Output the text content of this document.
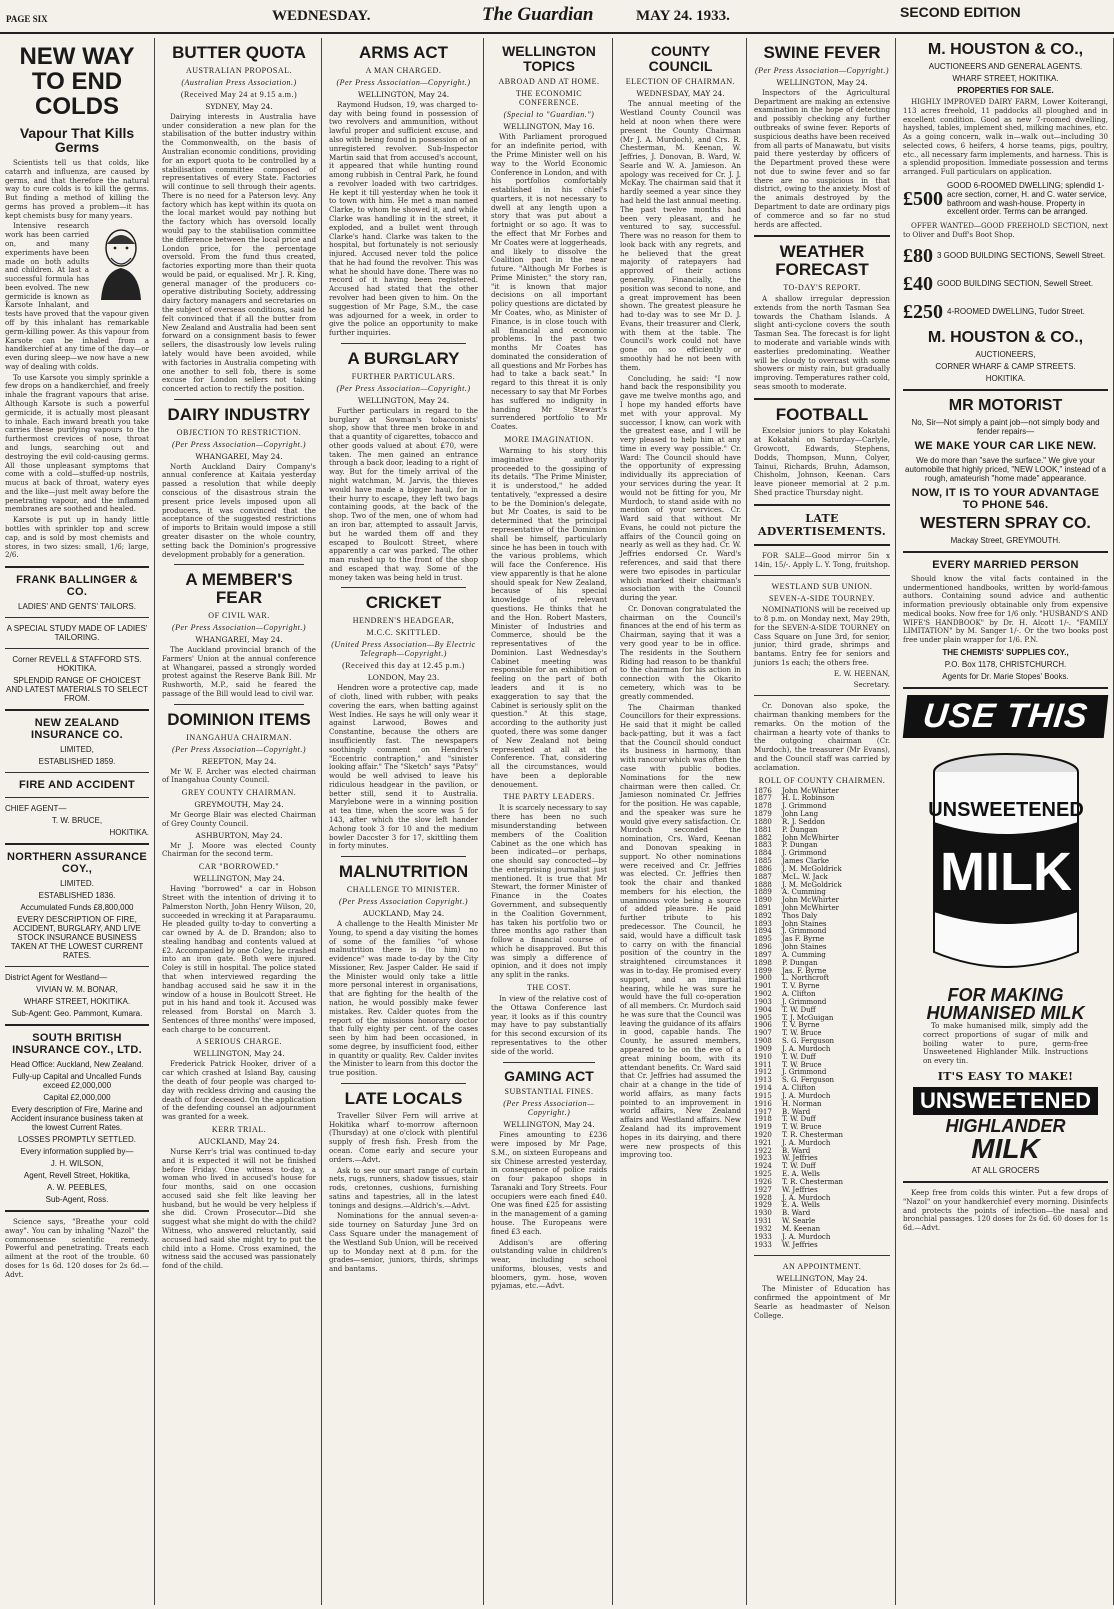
PAGE SIX	WEDNESDAY.	The Guardian	MAY 24. 1933.	SECOND EDITION
NEW WAY TO END COLDS
Vapour That Kills Germs

Scientists tell us that colds, like catarrh and influenza, are caused by germs, and that therefore the natural way to cure colds is to kill the germs. But finding a method of killing the germs has proved a problem—it has kept chemists busy for many years.

Intensive research work has been carried on, and many experiments have been made on both adults and children. At last a successful formula has been evolved. The new germicide is known as Karsote Inhalant, and tests have proved that the vapour given off by this inhalant has remarkable germ-killing power. As this vapour from Karsote can be inhaled from a handkerchief at any time of the day—or even during sleep—we now have a new way of dealing with colds.

To use Karsote you simply sprinkle a few drops on a handkerchief, and freely inhale the fragrant vapours that arise. Although Karsote is such a powerful germicide, it is actually most pleasant to inhale. Each inward breath you take carries these purifying vapours to the furthermost crevices of nose, throat and lungs, searching out and destroying the evil cold-causing germs. All those unpleasant symptoms that come with a cold—stuffed-up nostrils, mucus at back of throat, watery eyes and the like—just melt away before the penetrating vapour, and the inflamed membranes are soothed and healed.

Karsote is put up in handy little bottles with sprinkler top and screw cap, and is sold by most chemists and stores, in two sizes: small, 1/6; large, 2/6.

FRANK BALLINGER & CO.
LADIES' AND GENTS' TAILORS.
A SPECIAL STUDY MADE OF LADIES' TAILORING.
Corner REVELL & STAFFORD STS. HOKITIKA.
SPLENDID RANGE OF CHOICEST AND LATEST MATERIALS TO SELECT FROM.
NEW ZEALAND INSURANCE CO.
LIMITED,
ESTABLISHED 1859.
FIRE AND ACCIDENT
CHIEF AGENT—
T. W. BRUCE,
HOKITIKA.
NORTHERN ASSURANCE COY.,
LIMITED.
ESTABLISHED 1836.
Accumulated Funds £8,800,000
EVERY DESCRIPTION OF FIRE, ACCIDENT, BURGLARY, AND LIVE STOCK INSURANCE BUSINESS TAKEN AT THE LOWEST CURRENT RATES.
District Agent for Westland—
VIVIAN W. M. BONAR,
WHARF STREET, HOKITIKA.
Sub-Agent: Geo. Pammont, Kumara.
SOUTH BRITISH INSURANCE COY., LTD.
Head Office: Auckland, New Zealand.
Fully-up Capital and Uncalled Funds exceed £2,000,000
Capital £2,000,000
Every description of Fire, Marine and Accident insurance business taken at the lowest Current Rates.
LOSSES PROMPTLY SETTLED.
Every information supplied by—
J. H. WILSON,
Agent, Revell Street, Hokitika,
A. W. PEEBLES,
Sub-Agent, Ross.

Science says, "Breathe your cold away". You can by inhaling "Nazol" the commonsense scientific remedy. Powerful and penetrating. Treats each ailment at the root of the trouble. 60 doses for 1s 6d. 120 doses for 2s 6d.—Advt.

BUTTER QUOTA
AUSTRALIAN PROPOSAL.
(Australian Press Association.)
(Received May 24 at 9.15 a.m.)
SYDNEY, May 24.

Dairying interests in Australia have under consideration a new plan for the stabilisation of the butter industry within the Commonwealth, on the basis of Australian economic conditions, providing for an export quota to be controlled by a stabilisation committee composed of representatives of every State. Factories will continue to sell through their agents. There is no need for a Paterson levy. Any factory which has kept within its quota on the local market would pay nothing but the factory which has oversold locally would pay to the stabilisation committee the difference between the local price and London price, for the percentage oversold. From the fund thus created, factories exporting more than their quota would be paid, or equalised. Mr J. R. King, general manager of the producers co-operative distributing Society, addressing dairy factory managers and secretaries on the subject of overseas conditions, said he felt convinced that if all the butter from New Zealand and Australia had been sent forward on a consignment basis to fewer sellers, the disastrously low levels ruling lately would have been avoided, while with factories in Australia competing with one another to sell fob, there is some excuse for London sellers not taking concerted action to rectify the position.

DAIRY INDUSTRY
OBJECTION TO RESTRICTION.
(Per Press Association—Copyright.)
WHANGAREI, May 24.

North Auckland Dairy Company's annual conference at Kaitaia yesterday passed a resolution that while deeply conscious of the disastrous strain the present price levels imposed upon all producers, it was convinced that the acceptance of the suggested restrictions of imports to Britain would impose a still greater disaster on the whole country, setting back the Dominion's progressive development probably for a generation.

A MEMBER'S FEAR
OF CIVIL WAR.
(Per Press Association—Copyright.)
WHANGAREI, May 24.

The Auckland provincial branch of the Farmers' Union at the annual conference at Whangarei, passed a strongly worded protest against the Reserve Bank Bill. Mr Rushworth, M.P., said he feared the passage of the Bill would lead to civil war.

DOMINION ITEMS
INANGAHUA CHAIRMAN.
(Per Press Association—Copyright.)
REEFTON, May 24.

Mr W. F. Archer was elected chairman of Inangahua County Council.

GREY COUNTY CHAIRMAN.
GREYMOUTH, May 24.

Mr George Blair was elected Chairman of Grey County Council.

ASHBURTON, May 24.

Mr J. Moore was elected County Chairman for the second term.

CAR "BORROWED."
WELLINGTON, May 24.

Having "borrowed" a car in Hobson Street with the intention of driving it to Palmerston North, John Henry Wilson, 20, succeeded in wrecking it at Paraparaumu. He pleaded guilty to-day to converting a car owned by A. de D. Brandon; also to stealing handbag and contents valued at £2. Accompanied by one Coley, he crashed into an iron gate. Both were injured. Coley is still in hospital. The police stated that when interviewed regarding the handbag accused said he saw it in the window of a house in Boulcott Street. He put in his hand and took it. Accused was released from Borstal on March 3. Sentences of three months' were imposed, each charge to be concurrent.

A SERIOUS CHARGE.
WELLINGTON, May 24.

Frederick Patrick Hooker, driver of a car which crashed at Island Bay, causing the death of four people was charged to-day with reckless driving and causing the death of four deceased. On the application of the defending counsel an adjournment was granted for a week.

KERR TRIAL.
AUCKLAND, May 24.

Nurse Kerr's trial was continued to-day and it is expected it will not be finished before Friday. One witness to-day, a woman who lived in accused's house for four months, said on one occasion accused said she felt like leaving her husband, but he would be very helpless if she did. Crown Prosecutor—Did she suggest what she might do with the child? Witness, who answered reluctantly, said accused had said she might try to put the child into a Home. Cross examined, the witness said the accused was passionately fond of the child.

ARMS ACT
A MAN CHARGED.
(Per Press Association—Copyright.)
WELLINGTON, May 24.

Raymond Hudson, 19, was charged to-day with being found in possession of two revolvers and ammunition, without lawful proper and sufficient excuse, and also with being found in possession of an unregistered revolver. Sub-Inspector Martin said that from accused's account, it appeared that while hunting round among rubbish in Central Park, he found a revolver loaded with two cartridges. He kept it till yesterday when he took it to town with him. He met a man named Clarke, to whom he showed it, and while Clarke was handling it in the street, it exploded, and a bullet went through Clarke's hand. Clarke was taken to the hospital, but fortunately is not seriously injured. Accused never told the police that he had found the revolver. This was what he should have done. There was no record of it having been registered. Accused had stated that the other revolver had been given to him. On the suggestion of Mr Page, S.M., the case was adjourned for a week, in order to give the police an opportunity to make further inquiries.

A BURGLARY
FURTHER PARTICULARS.
(Per Press Association—Copyright.)
WELLINGTON, May 24.

Further particulars in regard to the burglary at Sowman's tobacconists' shop, show that three men broke in and that a quantity of cigarettes, tobacco and other goods valued at about £70, were taken. The men gained an entrance through a back door, leading to a right of way. But for the timely arrival of the night watchman, M. Jarvis, the thieves would have made a bigger haul, for in their hurry to escape, they left two bags containing goods, at the back of the shop. Two of the men, one of whom had an iron bar, attempted to assault Jarvis, but he warded them off and they escaped to Boulcott Street, where apparently a car was parked. The other man rushed up to the front of the shop and escaped that way. Some of the money taken was being held in trust.

CRICKET
HENDREN'S HEADGEAR,
M.C.C. SKITTLED.
(United Press Association—By Electric Telegraph—Copyright.)
(Received this day at 12.45 p.m.)
LONDON, May 23.

Hendren wore a protective cap, made of cloth, lined with rubber, with peaks covering the ears, when batting against West Indies. He says he will only wear it against Larwood, Bowes and Constantine, because the others are insufficiently fast. The newspapers soothingly comment on Hendren's "Eccentric contraption," and "sinister looking affair." The "Sketch" says "Patsy" would be well advised to leave his ridiculous headgear in the pavilion, or better still, send it to Australia. Marylebone were in a winning position at tea time, when the score was 5 for 143, after which the slow left hander Achong took 3 for 10 and the medium bowler Daccster 3 for 17, skittling them in forty minutes.

MALNUTRITION
CHALLENGE TO MINISTER.
(Per Press Association Copyright.)
AUCKLAND, May 24.

A challenge to the Health Minister Mr Young, to spend a day visiting the homes of some of the families "of whose malnutrition there is (to him) no evidence" was made to-day by the City Missioner, Rev. Jasper Calder. He said if the Minister would only take a little more personal interest in organisations, that are fighting for the health of the nation, he would possibly make fewer mistakes. Rev. Calder quotes from the report of the missions honorary doctor that fully eighty per cent. of the cases seen by him had been occasioned, in some degree, by insufficient food, either in quantity or quality. Rev. Calder invites the Minister to learn from this doctor the true position.

LATE LOCALS

Traveller Silver Fern will arrive at Hokitika wharf to-morrow afternoon (Thursday) at one o'clock with plentiful supply of fresh fish. Fresh from the ocean. Come early and secure your orders.—Advt.

Ask to see our smart range of curtain nets, rugs, runners, shadow tissues, stair rods, cretonnes, cushions, furnishing satins and tapestries, all in the latest tonings and designs.—Aldrich's.—Advt.

Nominations for the annual seven-a-side tourney on Saturday June 3rd on Cass Square under the management of the Westland Sub Union, will be received up to Monday next at 8 p.m. for the grades—senior, juniors, thirds, shrimps and bantams.

WELLINGTON TOPICS
ABROAD AND AT HOME.
THE ECONOMIC CONFERENCE.
(Special to "Guardian.")
WELLINGTON, May 16.

With Parliament prorogued for an indefinite period, with the Prime Minister well on his way to the World Economic Conference in London, and with his portfolios comfortably established in his chief's quarters, it is not necessary to dwell at any length upon a story that was put about a fortnight or so ago. It was to the effect that Mr Forbes and Mr Coates were at loggerheads, and likely to dissolve the Coalition pact in the near future. "Although Mr Forbes is Prime Minister," the story ran, "it is known that major decisions on all important policy questions are dictated by Mr Coates, who, as Minister of Finance, is in close touch with all financial and economic problems. In the past two months Mr Coates has dominated the consideration of all questions and Mr Forbes has had to take a back seat." In regard to this threat it is only necessary to say that Mr Forbes has suffered no indignity in handing Mr Stewart's surrendered portfolio to Mr Coates.

MORE IMAGINATION.

Warming to his story this imaginative authority proceeded to the gossiping of its details. "The Prime Minister, it is understood," he added tentatively, "expressed a desire to be the Dominion's delegate, but Mr Coates, is said to be determined that the principal representative of the Dominion shall be himself, particularly since he has been in touch with the various problems, which will face the Conference. His view apparently is that he alone should speak for New Zealand, because of his special knowledge of relevant questions. He thinks that he and the Hon. Robert Masters, Minister of Industries and Commerce, should be the representatives of the Dominion. Last Wednesday's Cabinet meeting was responsible for an exhibition of feeling on the part of both leaders and it is no exaggeration to say that the Cabinet is seriously split on the question." At this stage, according to the authority just quoted, there was some danger of New Zealand not being represented at all at the Conference. That, considering all the circumstances, would have been a deplorable denouement.

THE PARTY LEADERS.

It is scarcely necessary to say there has been no such misunderstanding between members of the Coalition Cabinet as the one which has been indicated—or perhaps, one should say concocted—by the enterprising journalist just mentioned. It is true that Mr Stewart, the former Minister of Finance in the Coates Government, and subsequently in the Coalition Government, has taken his portfolio two or three months ago rather than follow a financial course of which he disapproved. But this was simply a difference of opinion, and it does not imply any split in the ranks.

THE COST.

In view of the relative cost of the Ottawa Conference last year, it looks as if this country may have to pay substantially for this second excursion of its representatives to the other side of the world.

GAMING ACT
SUBSTANTIAL FINES.
(Per Press Association—Copyright.)
WELLINGTON, May 24.

Fines amounting to £236 were imposed by Mr Page, S.M., on sixteen Europeans and six Chinese arrested yesterday, in consequence of police raids on four pakapoo shops in Taranaki and Tory Streets. Four occupiers were each fined £40. One was fined £25 for assisting in the management of a gaming house. The Europeans were fined £3 each.

Addison's are offering outstanding value in children's wear, including school uniforms, blouses, vests and bloomers, gym. hose, woven pyjamas, etc.—Advt.

COUNTY COUNCIL
ELECTION OF CHAIRMAN.
WEDNESDAY, MAY 24.

The annual meeting of the Westland County Council was held at noon when there were present the County Chairman (Mr J. A. Murdoch), and Crs. R. Chesterman, M. Keenan, W. Jeffries, J. Donovan, B. Ward, W. Searle and W. A. Jamieson. An apology was received for Cr. J. J. McKay. The chairman said that it hardly seemed a year since they had held the last annual meeting. The past twelve months had been very pleasant, and he ventured to say, successful. There was no reason for them to look back with any regrets, and he believed that the great majority of ratepayers had approved of their actions generally. Financially, the position was second to none, and a great improvement has been shown. The greatest pleasure he had to-day was to see Mr D. J. Evans, their treasurer and Clerk, with them at the table. The Council's work could not have gone on so efficiently or smoothly had he not been with them.

Concluding, he said: "I now hand back the responsibility you gave me twelve months ago, and I hope my handed efforts have met with your approval. My successor, I know, can work with the greatest ease, and I will be very pleased to help him at any time in every way possible." Cr. Ward: The Council should have the opportunity of expressing individually its appreciation of your services during the year. It would not be fitting for you, Mr Murdoch, to stand aside with no mention of your services. Cr. Ward said that without Mr Evans, he could not picture the affairs of the Council going on nearly as well as they had. Cr. W. Jeffries endorsed Cr. Ward's references, and said that there were two episodes in particular which marked their chairman's association with the Council during the year.

Cr. Donovan congratulated the chairman on the Council's finances at the end of his term as Chairman, saying that it was a very good year to be in office. The residents in the Southern Riding had reason to be thankful to the chairman for his action in connection with the Okarito cemetery, which was to be greatly commended.

The Chairman thanked Councillors for their expressions. He said that it might be called back-patting, but it was a fact that the Council should conduct its business in harmony, than with rancour which was often the case with public bodies. Nominations for the new chairman were then called. Cr. Jamieson nominated Cr. Jeffries for the position. He was capable, and the speaker was sure he would give every satisfaction. Cr. Murdoch seconded the nomination, Crs. Ward, Keenan and Donovan speaking in support. No other nominations were received and Cr. Jeffries was elected. Cr. Jeffries then took the chair and thanked members for his election, the unanimous vote being a source of added pleasure. He paid further tribute to his predecessor. The Council, he said, would have a difficult task to carry on with the financial position of the country in the straightened circumstances it was in to-day. He promised every support, and an impartial hearing, while he was sure he would have the full co-operation of all members. Cr. Murdoch said he was sure that the Council was leaving the guidance of its affairs in good, capable hands. The County, he assured members, appeared to be on the eve of a great mining boom, with its attendant benefits. Cr. Ward said that Cr. Jeffries had assumed the chair at a change in the tide of world affairs, as many facts pointed to an improvement in world affairs, New Zealand affairs and Westland affairs. New Zealand had its improvement hopes in its dairying, and there were new prospects of this improving too.

SWINE FEVER
(Per Press Association—Copyright.)
WELLINGTON, May 24.

Inspectors of the Agricultural Department are making an extensive examination in the hope of detecting and possibly checking any further outbreaks of swine fever. Reports of suspicious deaths have been received from all parts of Manawatu, but visits paid there yesterday by officers of the Department proved these were not due to swine fever and so far there are no suspicious in that district, owing to the anxiety. Most of the animals destroyed by the Department to date are ordinary pigs of commerce and so far no stud herds are affected.

WEATHER FORECAST
TO-DAY'S REPORT.

A shallow irregular depression extends from the north Tasman Sea towards the Chatham Islands. A slight anti-cyclone covers the south Tasman Sea. The forecast is for light to moderate and variable winds with easterlies predominating. Weather will be cloudy to overcast with some showers or misty rain, but gradually improving. Temperatures rather cold, seas smooth to moderate.

FOOTBALL

Excelsior juniors to play Kokatahi at Kokatahi on Saturday—Carlyle, Growcott, Edwards, Stephens, Dodds, Thompson, Munn, Colyer, Tainui, Richards, Bruhn, Adamson, Chisholm, Johnson, Keenan. Cars leave pioneer memorial at 2 p.m. Shed practice Thursday night.

LATE ADVERTISEMENTS.

FOR SALE—Good mirror 5in x 14in, 15/-. Apply L. Y. Tong, fruitshop.

WESTLAND SUB UNION.
SEVEN-A-SIDE TOURNEY.

NOMINATIONS will be received up to 8 p.m. on Monday next, May 29th, for the SEVEN-A-SIDE TOURNEY on Cass Square on June 3rd, for senior, junior, third grade, shrimps and bantams. Entry fee for seniors and juniors 1s each; the others free.

E. W. HEENAN,

Secretary.

Cr. Donovan also spoke, the chairman thanking members for the remarks. On the motion of the chairman a hearty vote of thanks to the outgoing chairman (Cr. Murdoch), the treasurer (Mr Evans), and the Council staff was carried by acclamation.

ROLL OF COUNTY CHAIRMEN.
1876	John McWhirter
1877	H. L. Robinson
1878	J. Grimmond
1879	John Lang
1880	R. J. Seddon
1881	P. Dungan
1882	John McWhirter
1883	P. Dungan
1884	J. Grimmond
1885	James Clarke
1886	J. M. McGoldrick
1887	McL. W. Jack
1888	J. M. McGoldrick
1889	A. Cumming
1890	John McWhirter
1891	John McWhirter
1892	Thos Daly
1893	John Staines
1894	J. Grimmond
1895	Jas F. Byrne
1896	John Staines
1897	A. Cumming
1898	P. Dungan
1899	Jas. F. Byrne
1900	L. Northcroft
1901	T. V. Byrne
1902	A. Clifton
1903	J. Grimmond
1904	T. W. Duff
1905	T. J. McGuigan
1906	T. V. Byrne
1907	T. W. Bruce
1908	S. G. Ferguson
1909	J. A. Murdoch
1910	T. W. Duff
1911	T. W. Bruce
1912	J. Grimmond
1913	S. G. Ferguson
1914	A. Clifton
1915	J. A. Murdoch
1916	H. Norman
1917	B. Ward
1918	T. W. Duff
1919	T. W. Bruce
1920	T. R. Chesterman
1921	J. A. Murdoch
1922	B. Ward
1923	W. Jeffries
1924	T. W. Duff
1925	E. A. Wells
1926	T. R. Chesterman
1927	W. Jeffries
1928	J. A. Murdoch
1929	E. A. Wells
1930	B. Ward
1931	W. Searle
1932	M. Keenan
1933	J. A. Murdoch
1933	W. Jeffries
AN APPOINTMENT.
WELLINGTON, May 24.

The Minister of Education has confirmed the appointment of Mr Searle as headmaster of Nelson College.

M. HOUSTON & CO.,
AUCTIONEERS AND GENERAL AGENTS.
WHARF STREET, HOKITIKA.
PROPERTIES FOR SALE.

HIGHLY IMPROVED DAIRY FARM, Lower Koiterangi, 113 acres freehold, 11 paddocks all ploughed and in excellent condition. Good as new 7-roomed dwelling, hayshed, tables, implement shed, milking machines, etc. As a going concern, walk in—walk out—including 30 selected cows, 6 heifers, 4 horse teams, pigs, poultry, etc., all necessary farm implements, and harness. This is a splendid proposition. Immediate possession and terms arranged. Full particulars on application.

£500
GOOD 6-ROOMED DWELLING; splendid 1-acre section, corner, H. and C. water service, bathroom and wash-house. Property in excellent order. Terms can be arranged.

OFFER WANTED—GOOD FREEHOLD SECTION, next to Oliver and Duff's Boot Shop.

£80 3 GOOD BUILDING SECTIONS, Sewell Street.
£40 GOOD BUILDING SECTION, Sewell Street.
£250 4-ROOMED DWELLING, Tudor Street.
M. HOUSTON & CO.,
AUCTIONEERS,
CORNER WHARF & CAMP STREETS.
HOKITIKA.
MR MOTORIST
No, Sir—Not simply a paint job—not simply body and fender repairs—
WE MAKE YOUR CAR LIKE NEW.
We do more than "save the surface." We give your automobile that highly priced, "NEW LOOK," instead of a rough, amateurish "home made" appearance.
NOW, IT IS TO YOUR ADVANTAGE TO PHONE 546.
WESTERN SPRAY CO.
Mackay Street, GREYMOUTH.
EVERY MARRIED PERSON

Should know the vital facts contained in the undermentioned handbooks, written by world-famous authors. Containing sound advice and authentic information previously obtainable only from expensive medical books. Now free for 1/6 only. "HUSBAND'S AND WIFE'S HANDBOOK" by Dr. H. Alcott 1/-. "FAMILY LIMITATION" by M. Sanger 1/-. Or the two books post free under plain wrapper for 1/6. P.N.

THE CHEMISTS' SUPPLIES COY.,
P.O. Box 1178, CHRISTCHURCH.
Agents for Dr. Marie Stopes' Books.
USE THIS
UNSWEETENED
MILK
FOR MAKING
HUMANISED MILK

To make humanised milk, simply add the correct proportions of sugar of milk and boiling water to pure, germ-free Unsweetened Highlander Milk. Instructions on every tin.

IT'S EASY TO MAKE!
UNSWEETENED
HIGHLANDER
MILK
AT ALL GROCERS

Keep free from colds this winter. Put a few drops of "Nazol" on your handkerchief every morning. Disinfects and protects the points of infection—the nasal and bronchial passages. 120 doses for 2s 6d. 60 doses for 1s 6d.—Advt.
